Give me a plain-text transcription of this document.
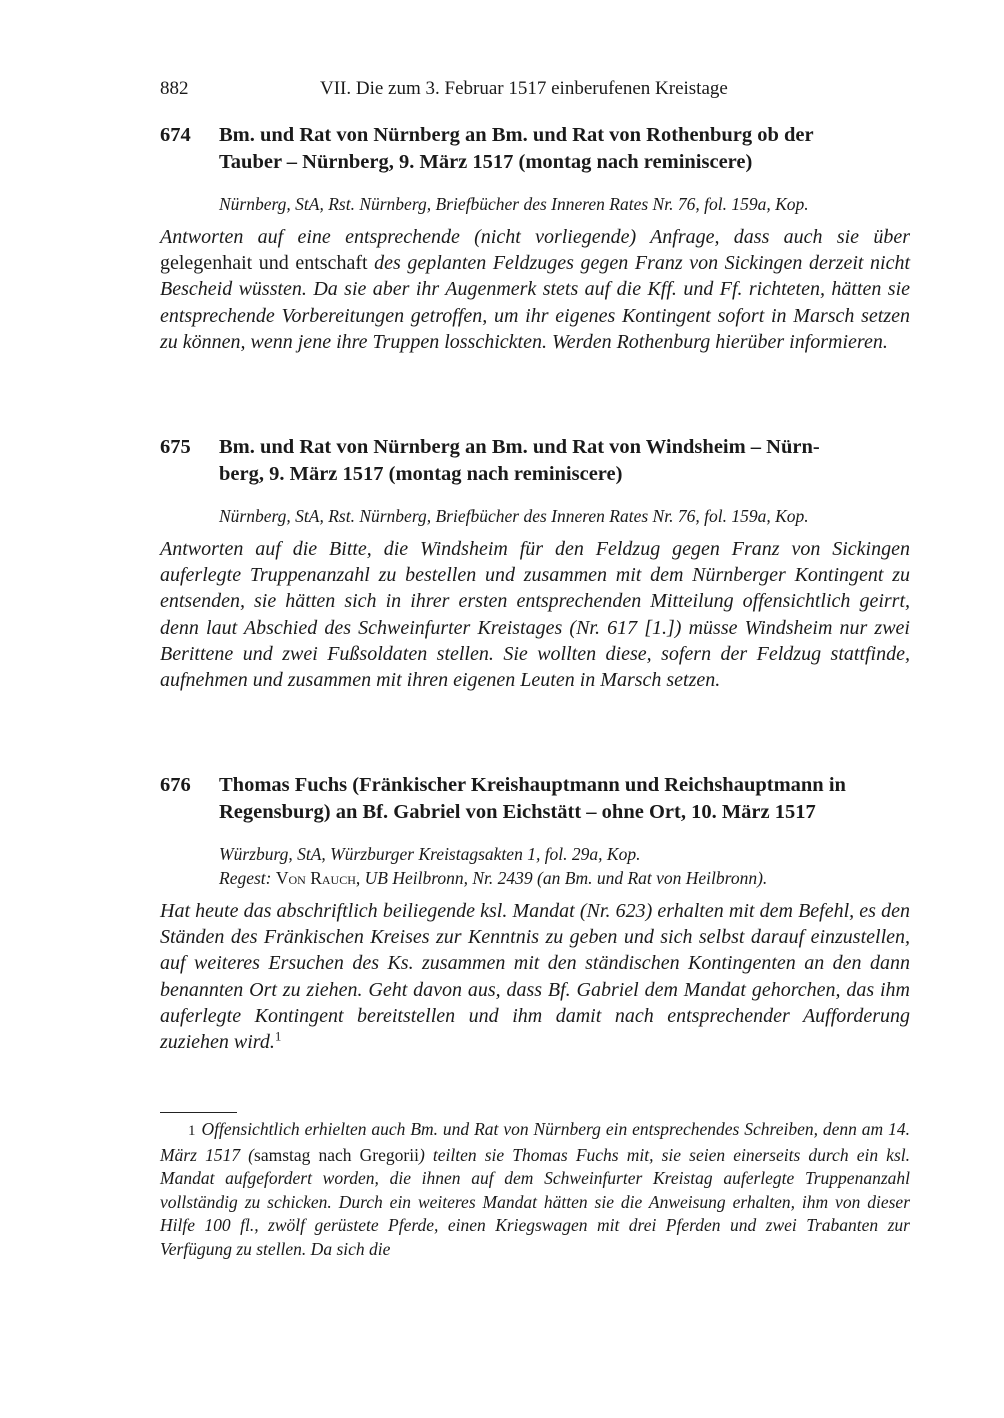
882	VII. Die zum 3. Februar 1517 einberufenen Kreistage
674 Bm. und Rat von Nürnberg an Bm. und Rat von Rothenburg ob der
Tauber – Nürnberg, 9. März 1517 (montag nach reminiscere)
Nürnberg, StA, Rst. Nürnberg, Briefbücher des Inneren Rates Nr. 76, fol. 159a, Kop.
Antworten auf eine entsprechende (nicht vorliegende) Anfrage, dass auch sie über gelegenhait und entschaft des geplanten Feldzuges gegen Franz von Sickingen derzeit nicht Bescheid wüssten. Da sie aber ihr Augenmerk stets auf die Kff. und Ff. richteten, hätten sie entsprechende Vorbereitungen getroffen, um ihr eigenes Kontingent sofort in Marsch setzen zu können, wenn jene ihre Truppen losschickten. Werden Rothenburg hierüber informieren.
675 Bm. und Rat von Nürnberg an Bm. und Rat von Windsheim – Nürn-
berg, 9. März 1517 (montag nach reminiscere)
Nürnberg, StA, Rst. Nürnberg, Briefbücher des Inneren Rates Nr. 76, fol. 159a, Kop.
Antworten auf die Bitte, die Windsheim für den Feldzug gegen Franz von Sickingen auferlegte Truppenanzahl zu bestellen und zusammen mit dem Nürnberger Kontingent zu entsenden, sie hätten sich in ihrer ersten entsprechenden Mitteilung offensichtlich geirrt, denn laut Abschied des Schweinfurter Kreistages (Nr. 617 [1.]) müsse Windsheim nur zwei Berittene und zwei Fußsoldaten stellen. Sie wollten diese, sofern der Feldzug stattfinde, aufnehmen und zusammen mit ihren eigenen Leuten in Marsch setzen.
676 Thomas Fuchs (Fränkischer Kreishauptmann und Reichshauptmann in
Regensburg) an Bf. Gabriel von Eichstätt – ohne Ort, 10. März 1517
Würzburg, StA, Würzburger Kreistagsakten 1, fol. 29a, Kop.
Regest: Von Rauch, UB Heilbronn, Nr. 2439 (an Bm. und Rat von Heilbronn).
Hat heute das abschriftlich beiliegende ksl. Mandat (Nr. 623) erhalten mit dem Befehl, es den Ständen des Fränkischen Kreises zur Kenntnis zu geben und sich selbst darauf einzustellen, auf weiteres Ersuchen des Ks. zusammen mit den ständischen Kontingenten an den dann benannten Ort zu ziehen. Geht davon aus, dass Bf. Gabriel dem Mandat gehorchen, das ihm auferlegte Kontingent bereitstellen und ihm damit nach entsprechender Aufforderung zuziehen wird.$^1$
1 Offensichtlich erhielten auch Bm. und Rat von Nürnberg ein entsprechendes Schreiben, denn am 14. März 1517 (samstag nach Gregorii) teilten sie Thomas Fuchs mit, sie seien einerseits durch ein ksl. Mandat aufgefordert worden, die ihnen auf dem Schweinfurter Kreistag auferlegte Truppenanzahl vollständig zu schicken. Durch ein weiteres Mandat hätten sie die Anweisung erhalten, ihm von dieser Hilfe 100 fl., zwölf gerüstete Pferde, einen Kriegswagen mit drei Pferden und zwei Trabanten zur Verfügung zu stellen. Da sich die
